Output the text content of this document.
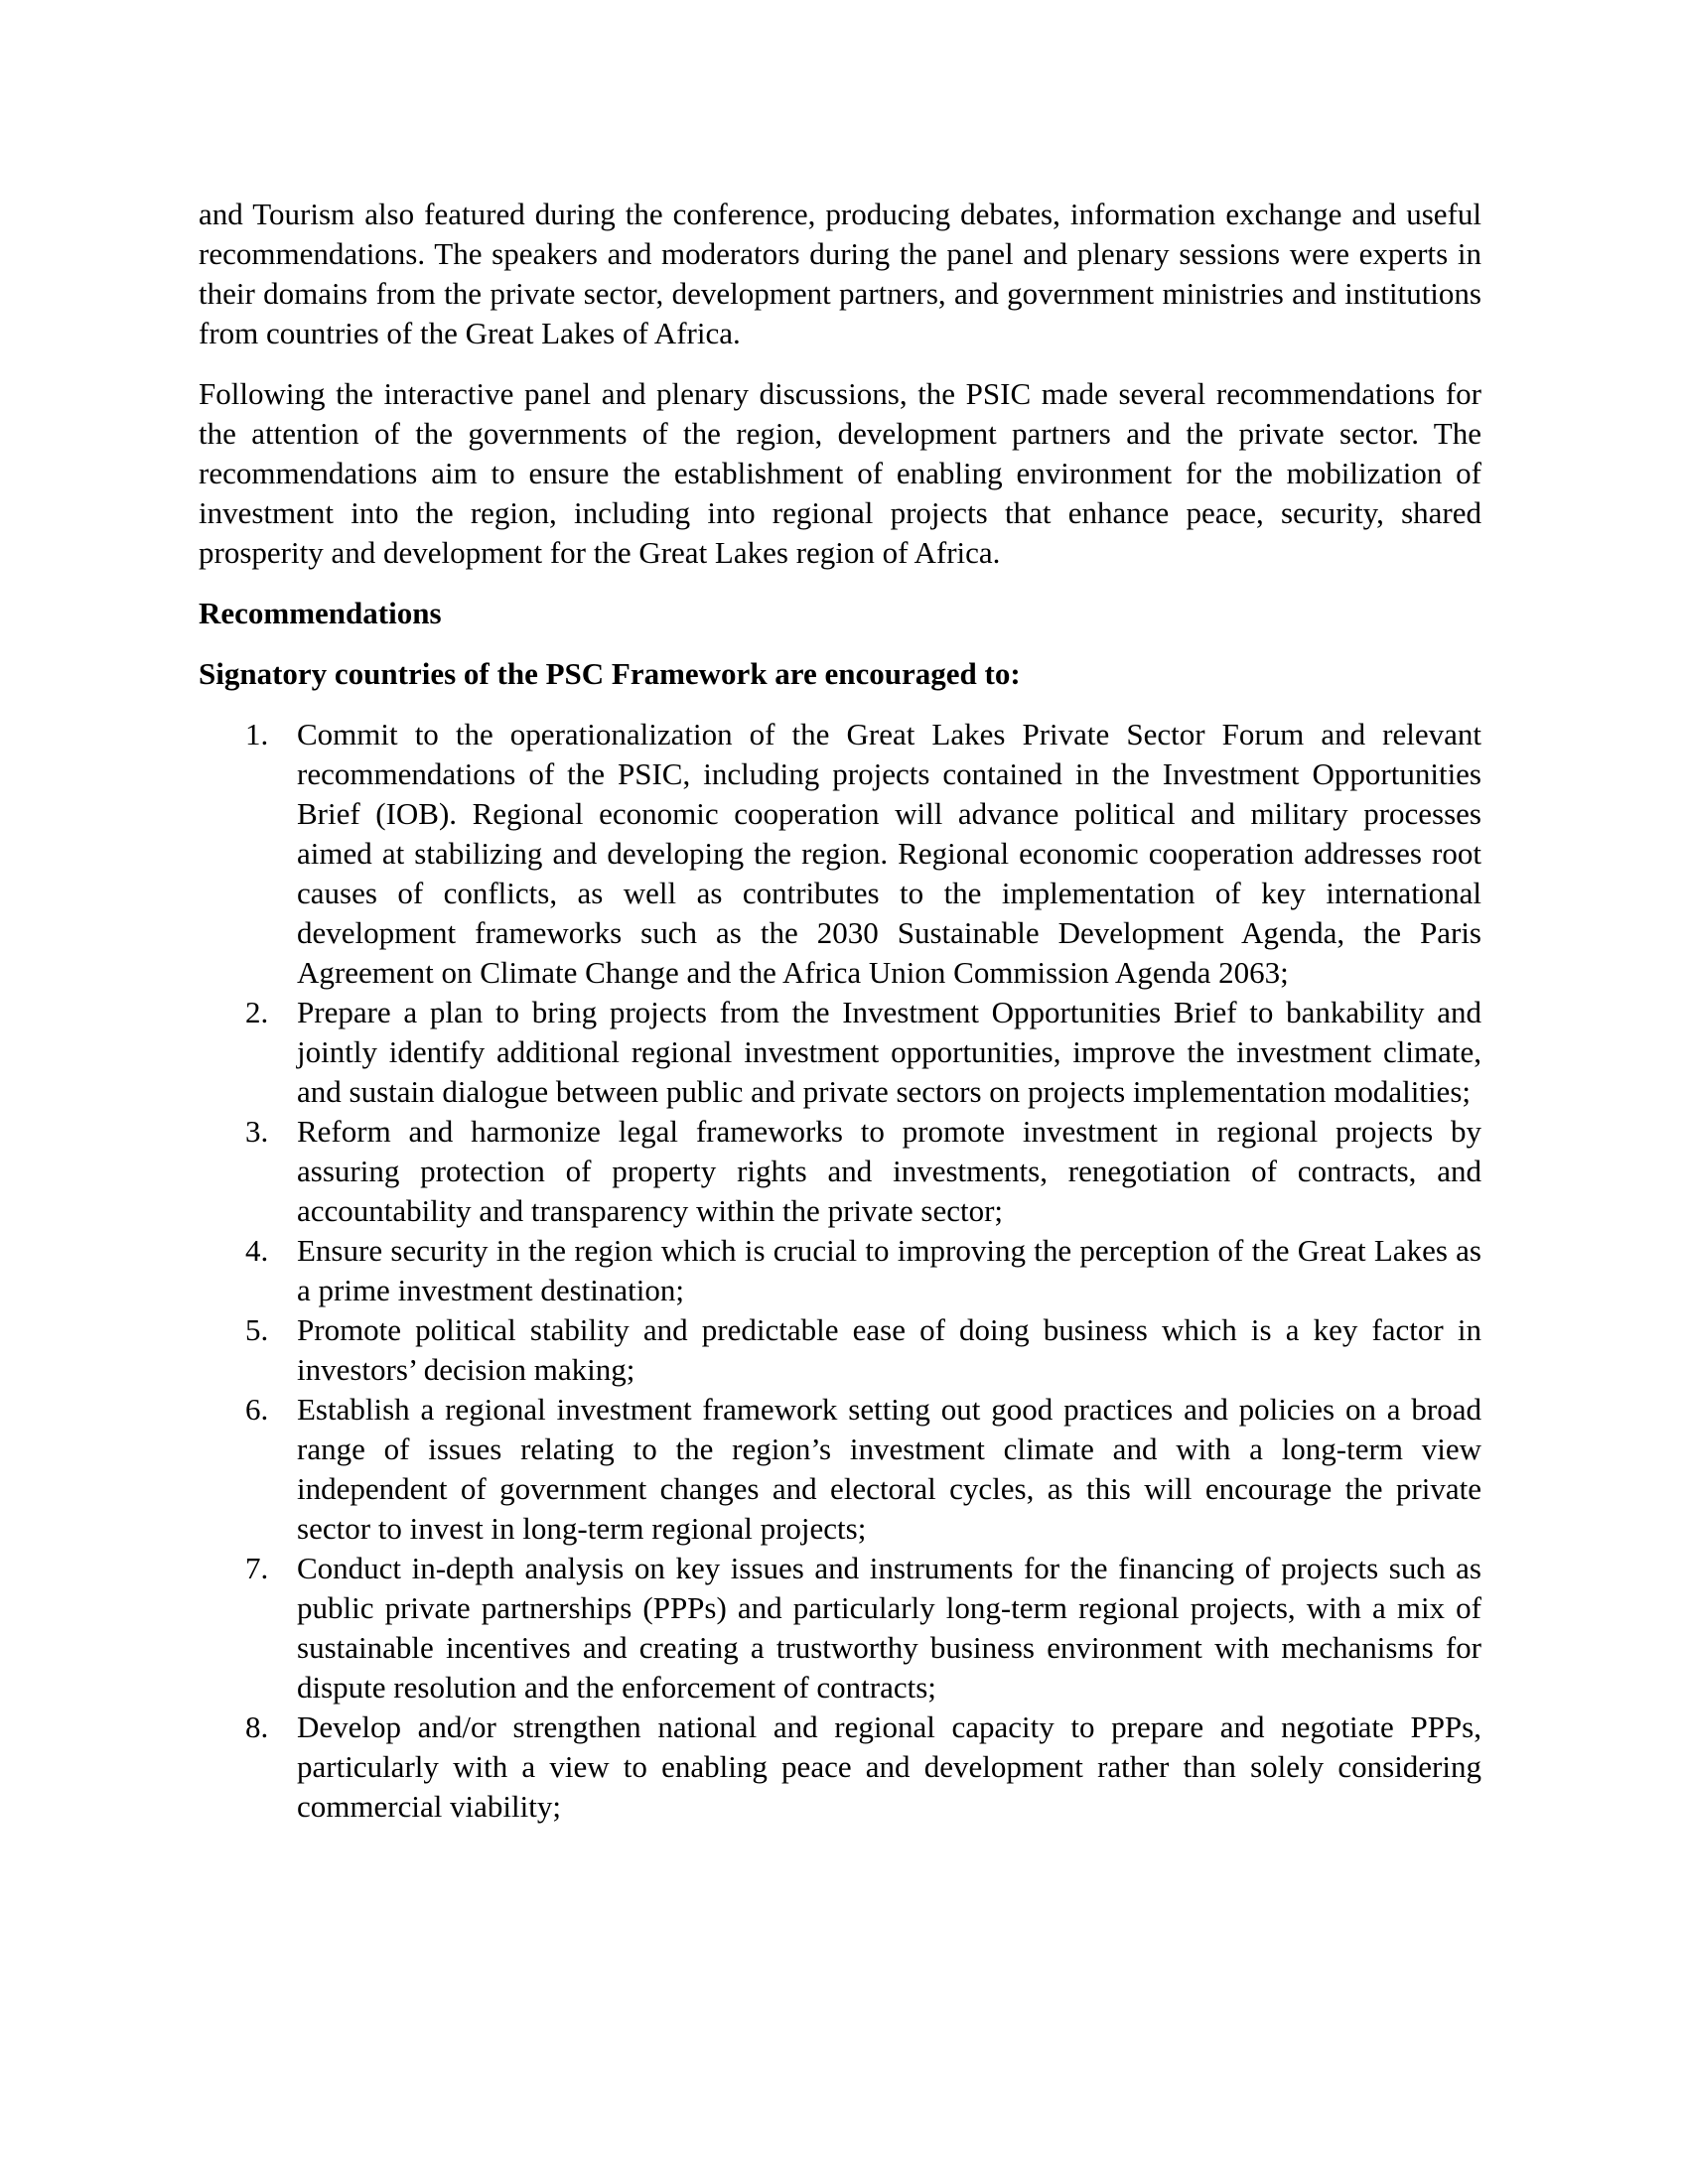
and Tourism also featured during the conference, producing debates, information exchange and useful recommendations. The speakers and moderators during the panel and plenary sessions were experts in their domains from the private sector, development partners, and government ministries and institutions from countries of the Great Lakes of Africa.

Following the interactive panel and plenary discussions, the PSIC made several recommendations for the attention of the governments of the region, development partners and the private sector. The recommendations aim to ensure the establishment of enabling environment for the mobilization of investment into the region, including into regional projects that enhance peace, security, shared prosperity and development for the Great Lakes region of Africa.

Recommendations

Signatory countries of the PSC Framework are encouraged to:

1. Commit to the operationalization of the Great Lakes Private Sector Forum and relevant recommendations of the PSIC, including projects contained in the Investment Opportunities Brief (IOB). Regional economic cooperation will advance political and military processes aimed at stabilizing and developing the region. Regional economic cooperation addresses root causes of conflicts, as well as contributes to the implementation of key international development frameworks such as the 2030 Sustainable Development Agenda, the Paris Agreement on Climate Change and the Africa Union Commission Agenda 2063;
2. Prepare a plan to bring projects from the Investment Opportunities Brief to bankability and jointly identify additional regional investment opportunities, improve the investment climate, and sustain dialogue between public and private sectors on projects implementation modalities;
3. Reform and harmonize legal frameworks to promote investment in regional projects by assuring protection of property rights and investments, renegotiation of contracts, and accountability and transparency within the private sector;
4. Ensure security in the region which is crucial to improving the perception of the Great Lakes as a prime investment destination;
5. Promote political stability and predictable ease of doing business which is a key factor in investors’ decision making;
6. Establish a regional investment framework setting out good practices and policies on a broad range of issues relating to the region’s investment climate and with a long-term view independent of government changes and electoral cycles, as this will encourage the private sector to invest in long-term regional projects;
7. Conduct in-depth analysis on key issues and instruments for the financing of projects such as public private partnerships (PPPs) and particularly long-term regional projects, with a mix of sustainable incentives and creating a trustworthy business environment with mechanisms for dispute resolution and the enforcement of contracts;
8. Develop and/or strengthen national and regional capacity to prepare and negotiate PPPs, particularly with a view to enabling peace and development rather than solely considering commercial viability;
